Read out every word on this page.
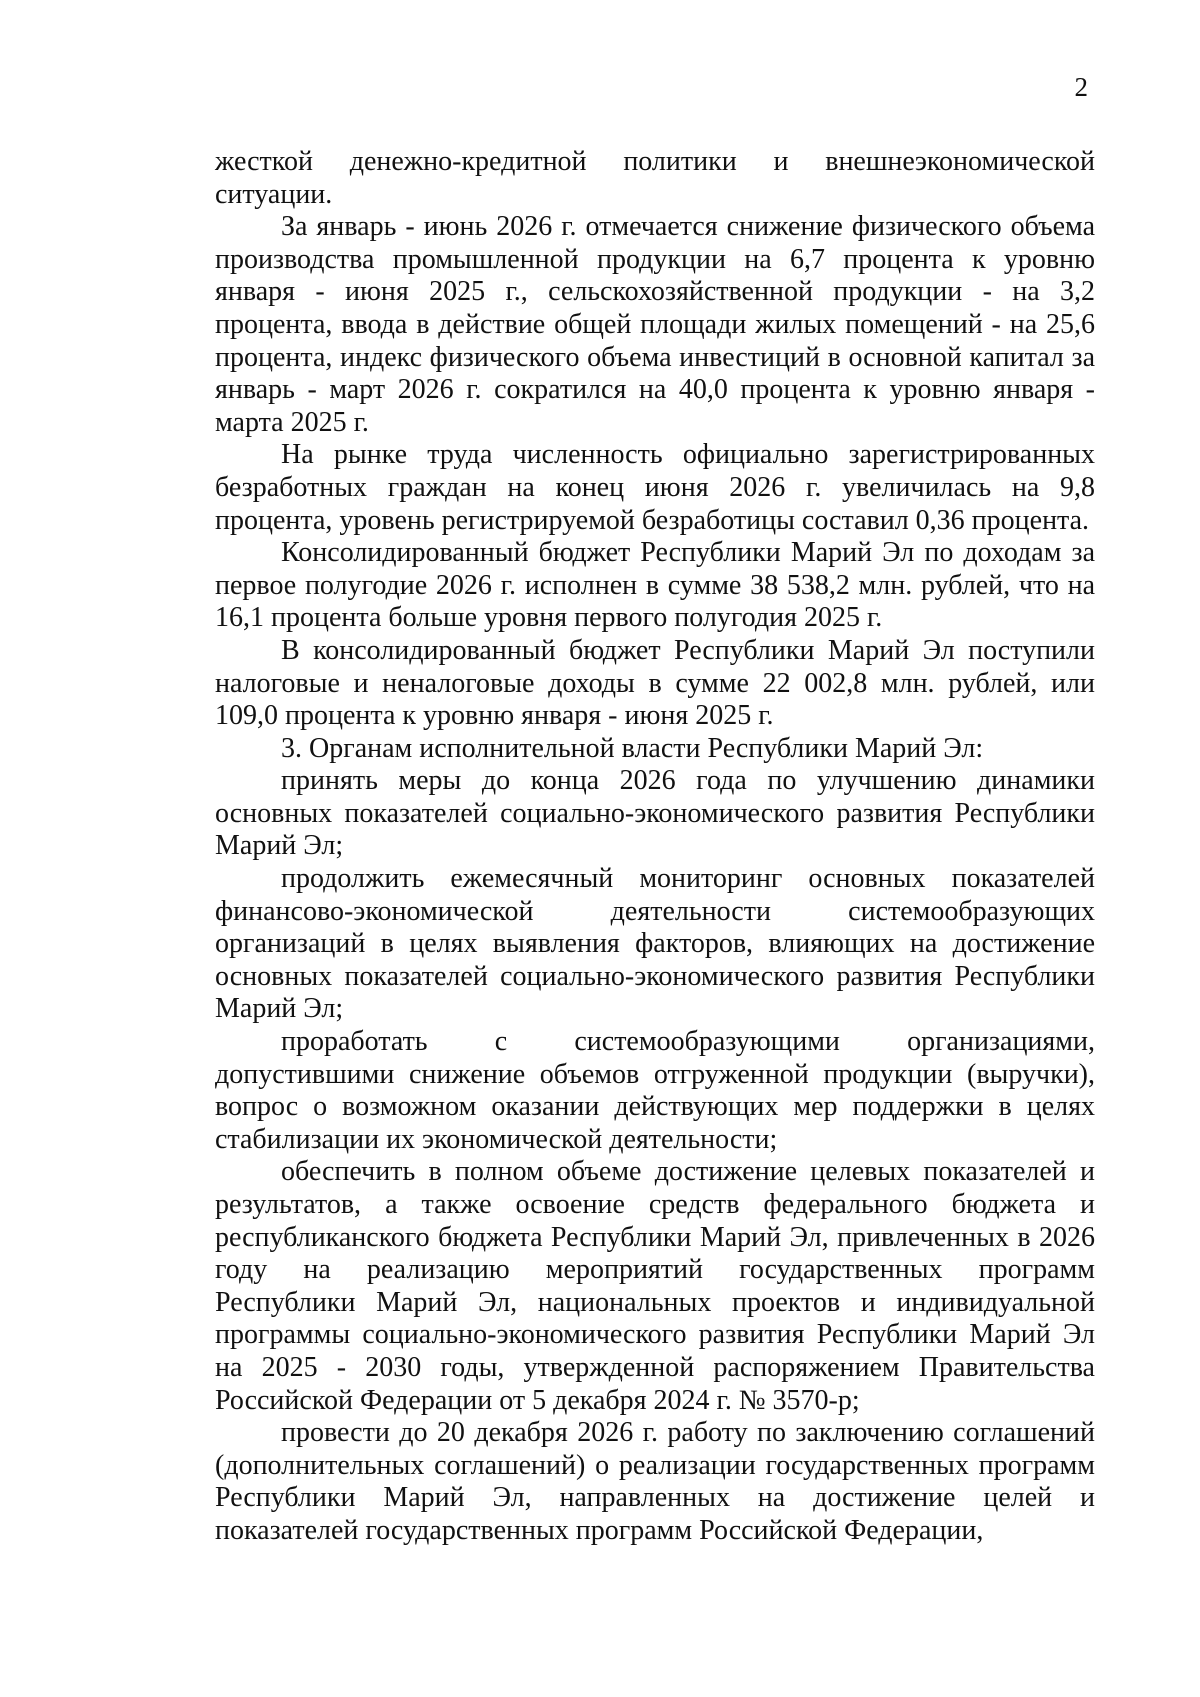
2

жесткой денежно-кредитной политики и внешнеэкономической ситуации.

За январь - июнь 2026 г. отмечается снижение физического объема производства промышленной продукции на 6,7 процента к уровню января - июня 2025 г., сельскохозяйственной продукции - на 3,2 процента, ввода в действие общей площади жилых помещений - на 25,6 процента, индекс физического объема инвестиций в основной капитал за январь - март 2026 г. сократился на 40,0 процента к уровню января - марта 2025 г.

На рынке труда численность официально зарегистрированных безработных граждан на конец июня 2026 г. увеличилась на 9,8 процента, уровень регистрируемой безработицы составил 0,36 процента.

Консолидированный бюджет Республики Марий Эл по доходам за первое полугодие 2026 г. исполнен в сумме 38 538,2 млн. рублей, что на 16,1 процента больше уровня первого полугодия 2025 г.

В консолидированный бюджет Республики Марий Эл поступили налоговые и неналоговые доходы в сумме 22 002,8 млн. рублей, или 109,0 процента к уровню января - июня 2025 г.

3. Органам исполнительной власти Республики Марий Эл:

принять меры до конца 2026 года по улучшению динамики основных показателей социально-экономического развития Республики Марий Эл;

продолжить ежемесячный мониторинг основных показателей финансово-экономической деятельности системообразующих организаций в целях выявления факторов, влияющих на достижение основных показателей социально-экономического развития Республики Марий Эл;

проработать с системообразующими организациями, допустившими снижение объемов отгруженной продукции (выручки), вопрос о возможном оказании действующих мер поддержки в целях стабилизации их экономической деятельности;

обеспечить в полном объеме достижение целевых показателей и результатов, а также освоение средств федерального бюджета и республиканского бюджета Республики Марий Эл, привлеченных в 2026 году на реализацию мероприятий государственных программ Республики Марий Эл, национальных проектов и индивидуальной программы социально-экономического развития Республики Марий Эл на 2025 - 2030 годы, утвержденной распоряжением Правительства Российской Федерации от 5 декабря 2024 г. № 3570-р;

провести до 20 декабря 2026 г. работу по заключению соглашений (дополнительных соглашений) о реализации государственных программ Республики Марий Эл, направленных на достижение целей и показателей государственных программ Российской Федерации,
